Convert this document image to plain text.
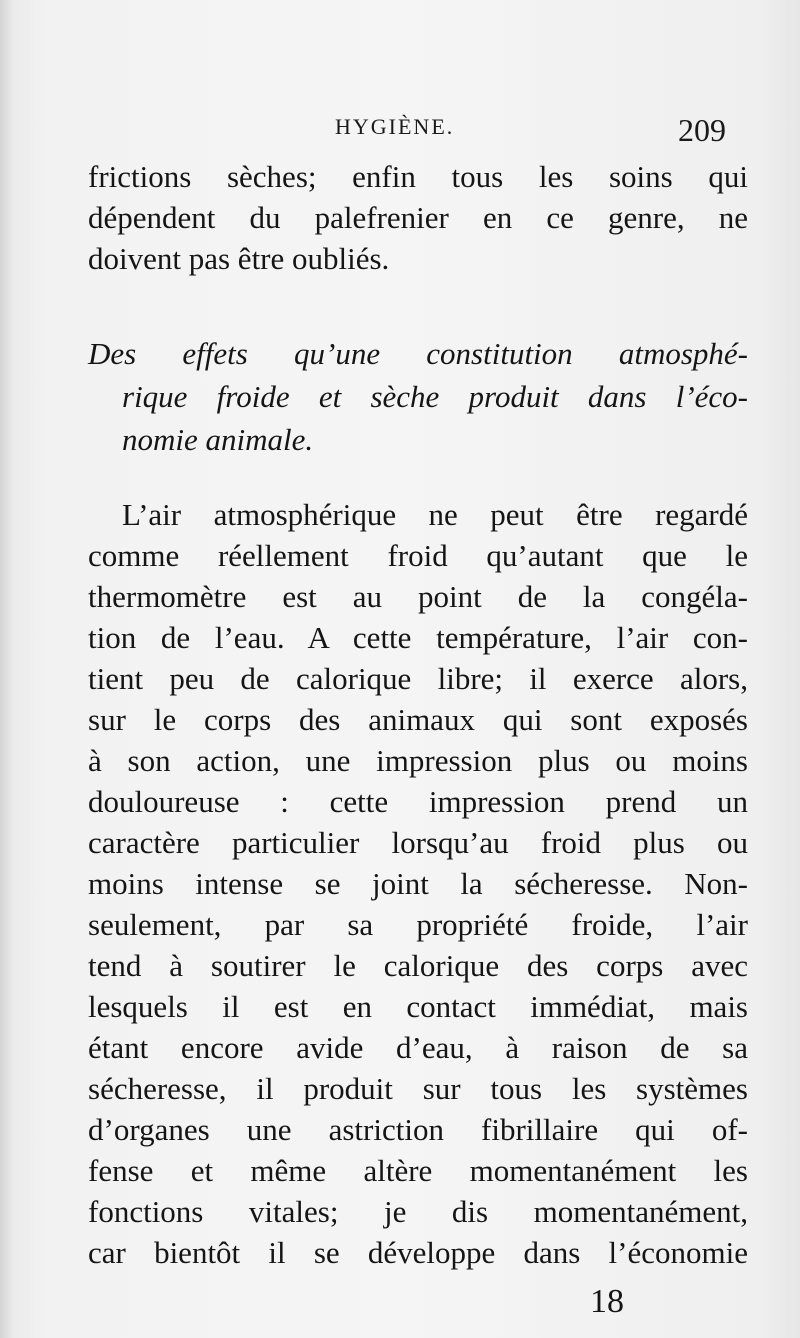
HYGIÈNE.	209
frictions sèches; enfin tous les soins qui
dépendent du palefrenier en ce genre, ne
doivent pas être oubliés.
Des effets qu’une constitution atmosphé-
rique froide et sèche produit dans l’éco-
nomie animale.
L’air atmosphérique ne peut être regardé
comme réellement froid qu’autant que le
thermomètre est au point de la congéla-
tion de l’eau. A cette température, l’air con-
tient peu de calorique libre; il exerce alors,
sur le corps des animaux qui sont exposés
à son action, une impression plus ou moins
douloureuse : cette impression prend un
caractère particulier lorsqu’au froid plus ou
moins intense se joint la sécheresse. Non-
seulement, par sa propriété froide, l’air
tend à soutirer le calorique des corps avec
lesquels il est en contact immédiat, mais
étant encore avide d’eau, à raison de sa
sécheresse, il produit sur tous les systèmes
d’organes une astriction fibrillaire qui of-
fense et même altère momentanément les
fonctions vitales; je dis momentanément,
car bientôt il se développe dans l’économie
18
